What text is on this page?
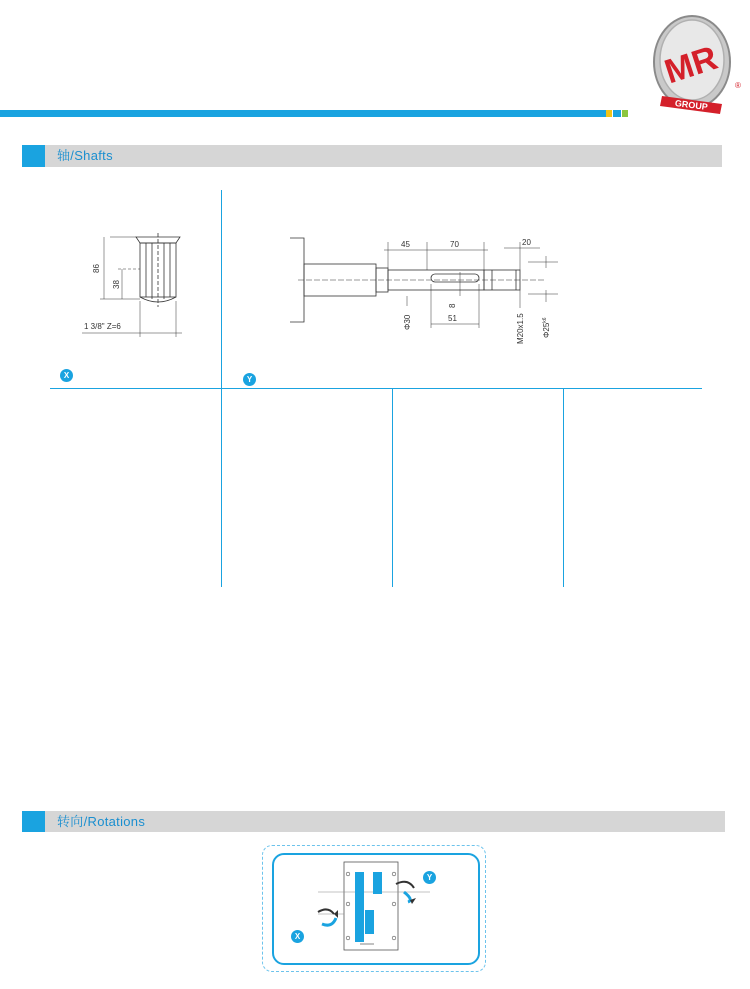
MR
GROUP
®
轴/Shafts
86
38
1 3/8" Z=6
X
45	70	20
Φ30
8
51	M20x1.5 $\Phi 25^{k6}$
Y
转向/Rotations
Y
X
